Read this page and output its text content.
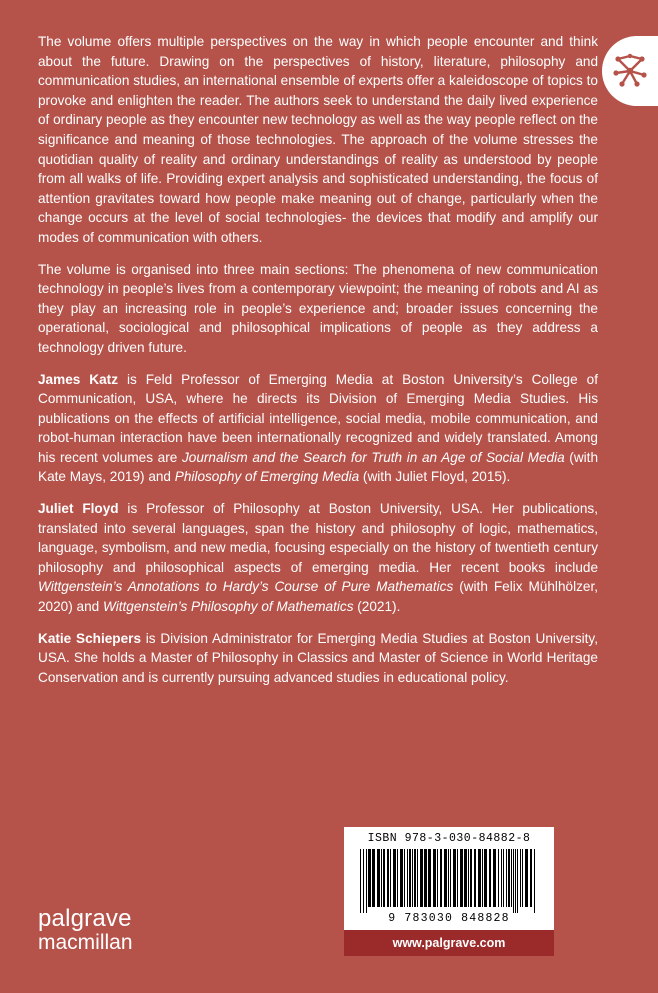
The volume offers multiple perspectives on the way in which people encounter and think about the future. Drawing on the perspectives of history, literature, philosophy and communication studies, an international ensemble of experts offer a kaleidoscope of topics to provoke and enlighten the reader. The authors seek to understand the daily lived experience of ordinary people as they encounter new technology as well as the way people reflect on the significance and meaning of those technologies. The approach of the volume stresses the quotidian quality of reality and ordinary understandings of reality as understood by people from all walks of life. Providing expert analysis and sophisticated understanding, the focus of attention gravitates toward how people make meaning out of change, particularly when the change occurs at the level of social technologies- the devices that modify and amplify our modes of communication with others.

The volume is organised into three main sections: The phenomena of new communication technology in people’s lives from a contemporary viewpoint; the meaning of robots and AI as they play an increasing role in people’s experience and; broader issues concerning the operational, sociological and philosophical implications of people as they address a technology driven future.

James Katz is Feld Professor of Emerging Media at Boston University’s College of Communication, USA, where he directs its Division of Emerging Media Studies. His publications on the effects of artificial intelligence, social media, mobile communication, and robot-human interaction have been internationally recognized and widely translated. Among his recent volumes are Journalism and the Search for Truth in an Age of Social Media (with Kate Mays, 2019) and Philosophy of Emerging Media (with Juliet Floyd, 2015).

Juliet Floyd is Professor of Philosophy at Boston University, USA. Her publications, translated into several languages, span the history and philosophy of logic, mathematics, language, symbolism, and new media, focusing especially on the history of twentieth century philosophy and philosophical aspects of emerging media. Her recent books include Wittgenstein’s Annotations to Hardy’s Course of Pure Mathematics (with Felix Mühlhölzer, 2020) and Wittgenstein’s Philosophy of Mathematics (2021).

Katie Schiepers is Division Administrator for Emerging Media Studies at Boston University, USA. She holds a Master of Philosophy in Classics and Master of Science in World Heritage Conservation and is currently pursuing advanced studies in educational policy.

ISBN 978-3-030-84882-8
9 783030 848828
www.palgrave.com
palgrave
macmillan
